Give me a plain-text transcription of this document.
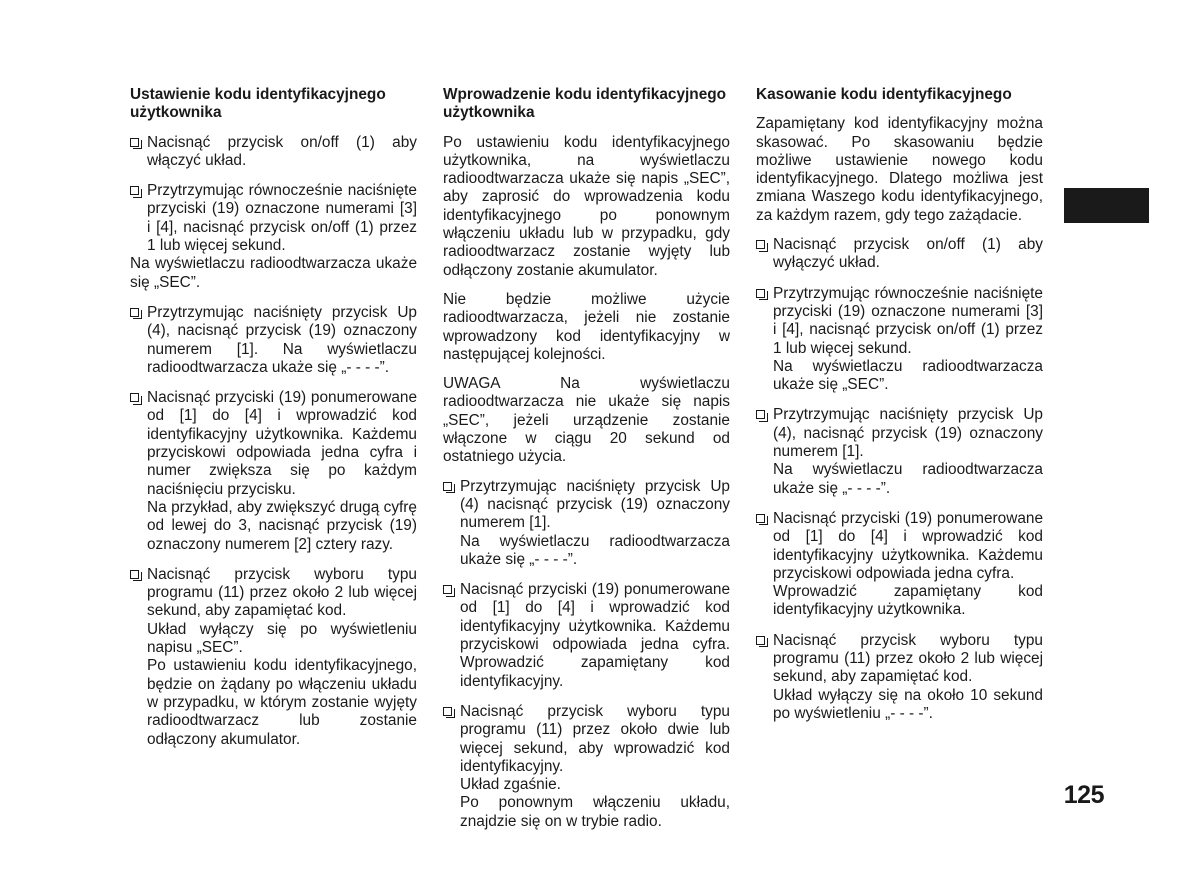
Ustawienie kodu identyfikacyjnego użytkownika
Nacisnąć przycisk on/off (1) aby włączyć układ.
Przytrzymując równocześnie naciśnięte przyciski (19) oznaczone numerami [3] i [4], nacisnąć przycisk on/off (1) przez 1 lub więcej sekund.
Na wyświetlaczu radioodtwarzacza ukaże się „SEC”.
Przytrzymując naciśnięty przycisk Up (4), nacisnąć przycisk (19) oznaczony numerem [1]. Na wyświetlaczu radioodtwarzacza ukaże się „- - - -”.
Nacisnąć przyciski (19) ponumerowane od [1] do [4] i wprowadzić kod identyfikacyjny użytkownika. Każdemu przyciskowi odpowiada jedna cyfra i numer zwiększa się po każdym naciśnięciu przycisku.
Na przykład, aby zwiększyć drugą cyfrę od lewej do 3, nacisnąć przycisk (19) oznaczony numerem [2] cztery razy.
Nacisnąć przycisk wyboru typu programu (11) przez około 2 lub więcej sekund, aby zapamiętać kod.
Układ wyłączy się po wyświetleniu napisu „SEC”.
Po ustawieniu kodu identyfikacyjnego, będzie on żądany po włączeniu układu w przypadku, w którym zostanie wyjęty radioodtwarzacz lub zostanie odłączony akumulator.
Wprowadzenie kodu identyfikacyjnego użytkownika

Po ustawieniu kodu identyfikacyjnego użytkownika, na wyświetlaczu radioodtwarzacza ukaże się napis „SEC”, aby zaprosić do wprowadzenia kodu identyfikacyjnego po ponownym włączeniu układu lub w przypadku, gdy radioodtwarzacz zostanie wyjęty lub odłączony zostanie akumulator.

Nie będzie możliwe użycie radioodtwarzacza, jeżeli nie zostanie wprowadzony kod identyfikacyjny w następującej kolejności.

UWAGA Na wyświetlaczu radioodtwarzacza nie ukaże się napis „SEC”, jeżeli urządzenie zostanie włączone w ciągu 20 sekund od ostatniego użycia.

Przytrzymując naciśnięty przycisk Up (4) nacisnąć przycisk (19) oznaczony numerem [1].
Na wyświetlaczu radioodtwarzacza ukaże się „- - - -”.
Nacisnąć przyciski (19) ponumerowane od [1] do [4] i wprowadzić kod identyfikacyjny użytkownika. Każdemu przyciskowi odpowiada jedna cyfra. Wprowadzić zapamiętany kod identyfikacyjny.
Nacisnąć przycisk wyboru typu programu (11) przez około dwie lub więcej sekund, aby wprowadzić kod identyfikacyjny.
Układ zgaśnie.
Po ponownym włączeniu układu, znajdzie się on w trybie radio.
Kasowanie kodu identyfikacyjnego

Zapamiętany kod identyfikacyjny można skasować. Po skasowaniu będzie możliwe ustawienie nowego kodu identyfikacyjnego. Dlatego możliwa jest zmiana Waszego kodu identyfikacyjnego, za każdym razem, gdy tego zażądacie.

Nacisnąć przycisk on/off (1) aby wyłączyć układ.
Przytrzymując równocześnie naciśnięte przyciski (19) oznaczone numerami [3] i [4], nacisnąć przycisk on/off (1) przez 1 lub więcej sekund.
Na wyświetlaczu radioodtwarzacza ukaże się „SEC”.
Przytrzymując naciśnięty przycisk Up (4), nacisnąć przycisk (19) oznaczony numerem [1].
Na wyświetlaczu radioodtwarzacza ukaże się „- - - -”.
Nacisnąć przyciski (19) ponumerowane od [1] do [4] i wprowadzić kod identyfikacyjny użytkownika. Każdemu przyciskowi odpowiada jedna cyfra.
Wprowadzić zapamiętany kod identyfikacyjny użytkownika.
Nacisnąć przycisk wyboru typu programu (11) przez około 2 lub więcej sekund, aby zapamiętać kod.
Układ wyłączy się na około 10 sekund po wyświetleniu „- - - -”.
125
